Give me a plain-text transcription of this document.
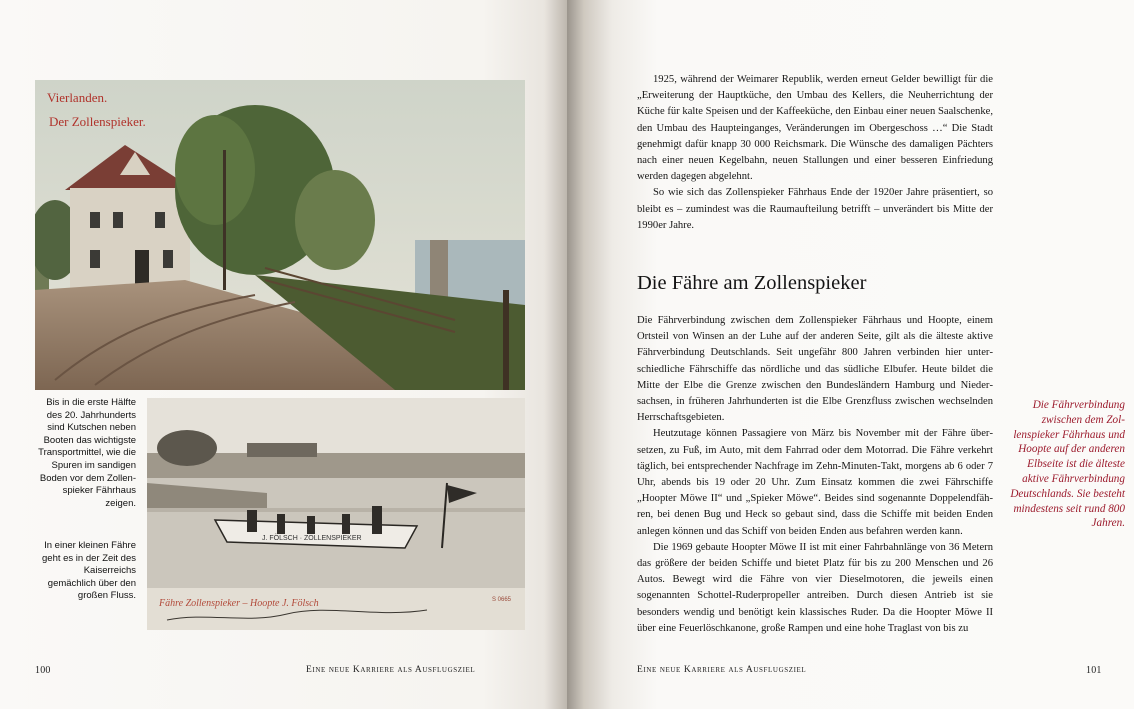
Vierlanden.
Der Zollenspieker.
J. FÖLSCH · ZOLLENSPIEKER
Fähre Zollenspieker – Hoopte J. Fölsch	S 0665

Bis in die erste Hälfte des 20. Jahrhunderts sind Kutschen neben Booten das wichtigste Transportmittel, wie die Spuren im sandigen Boden vor dem Zollenspieker Fährhaus zeigen.

In einer kleinen Fähre geht es in der Zeit des Kaiserreichs gemächlich über den großen Fluss.

100	Eine neue Karriere als Ausflugsziel

1925, während der Weimarer Republik, werden erneut Gelder bewilligt für die „Erweiterung der Hauptküche, den Umbau des Kellers, die Neuherrichtung der Küche für kalte Speisen und der Kaffeeküche, den Einbau einer neuen Saalschenke, den Umbau des Haupteinganges, Veränderungen im Obergeschoss …“ Die Stadt genehmigt dafür knapp 30 000 Reichsmark. Die Wünsche des damaligen Pächters nach einer neuen Kegelbahn, neuen Stallungen und einer besseren Einfriedung werden dagegen abgelehnt.

So wie sich das Zollenspieker Fährhaus Ende der 1920er Jahre präsentiert, so bleibt es – zumindest was die Raumaufteilung betrifft – unverändert bis Mitte der 1990er Jahre.

Die Fähre am Zollenspieker

Die Fährverbindung zwischen dem Zollenspieker Fährhaus und Hoopte, einem Ortsteil von Winsen an der Luhe auf der anderen Seite, gilt als die älteste aktive Fährverbindung Deutschlands. Seit ungefähr 800 Jahren verbinden hier unterschiedliche Fährschiffe das nördliche und das südliche Elbufer. Heute bildet die Mitte der Elbe die Grenze zwischen den Bundesländern Hamburg und Niedersachsen, in früheren Jahrhunderten ist die Elbe Grenzfluss zwischen wechselnden Herrschaftsgebieten.

Heutzutage können Passagiere von März bis November mit der Fähre übersetzen, zu Fuß, im Auto, mit dem Fahrrad oder dem Motorrad. Die Fähre verkehrt täglich, bei entsprechender Nachfrage im Zehn-Minuten-Takt, morgens ab 6 oder 7 Uhr, abends bis 19 oder 20 Uhr. Zum Einsatz kommen die zwei Fährschiffe „Hoopter Möwe II“ und „Spieker Möwe“. Beides sind sogenannte Doppelendfähren, bei denen Bug und Heck so gebaut sind, dass die Schiffe mit beiden Enden anlegen können und das Schiff von beiden Enden aus befahren werden kann.

Die 1969 gebaute Hoopter Möwe II ist mit einer Fahrbahnlänge von 36 Metern das größere der beiden Schiffe und bietet Platz für bis zu 200 Menschen und 26 Autos. Bewegt wird die Fähre von vier Dieselmotoren, die jeweils einen sogenannten Schottel-Ruderpropeller antreiben. Durch diesen Antrieb ist sie besonders wendig und benötigt kein klassisches Ruder. Da die Hoopter Möwe II über eine Feuerlöschkanone, große Rampen und eine hohe Traglast von bis zu

Die Fährverbindung zwischen dem Zollenspieker Fährhaus und Hoopte auf der anderen Elbseite ist die älteste aktive Fährverbindung Deutschlands. Sie besteht mindestens seit rund 800 Jahren.
Eine neue Karriere als Ausflugsziel	101
